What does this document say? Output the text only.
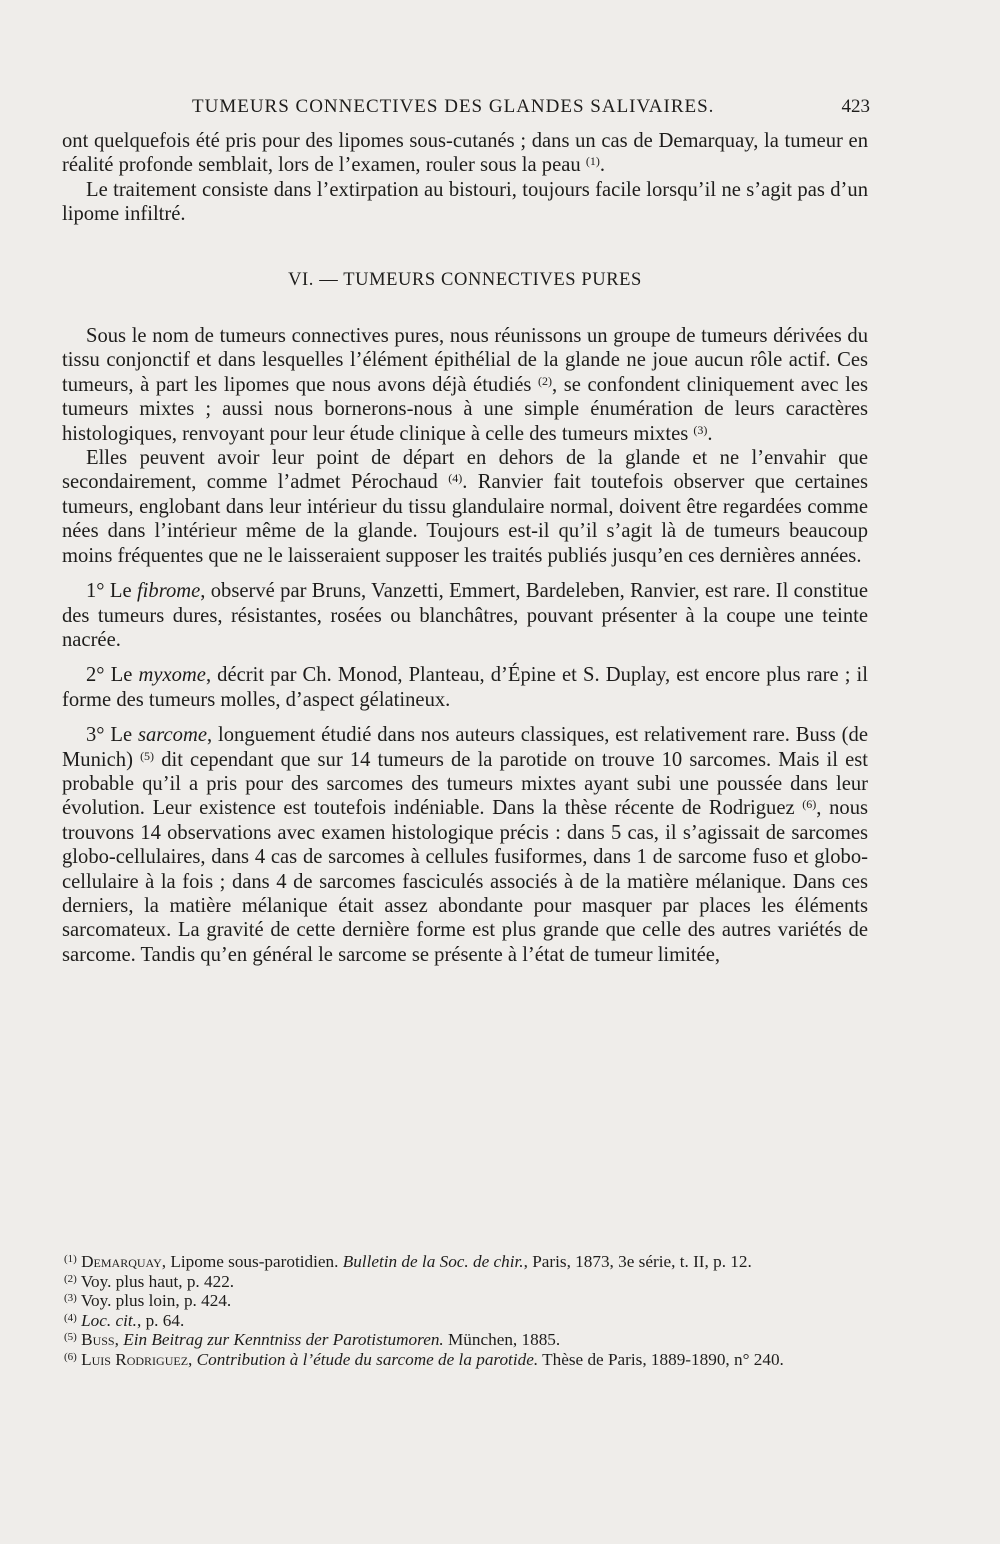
TUMEURS CONNECTIVES DES GLANDES SALIVAIRES.	423

ont quelquefois été pris pour des lipomes sous-cutanés ; dans un cas de Demarquay, la tumeur en réalité profonde semblait, lors de l’examen, rouler sous la peau $^{(1)}$.

Le traitement consiste dans l’extirpation au bistouri, toujours facile lorsqu’il ne s’agit pas d’un lipome infiltré.

VI. — TUMEURS CONNECTIVES PURES

Sous le nom de tumeurs connectives pures, nous réunissons un groupe de tumeurs dérivées du tissu conjonctif et dans lesquelles l’élément épithélial de la glande ne joue aucun rôle actif. Ces tumeurs, à part les lipomes que nous avons déjà étudiés $^{(2)}$, se confondent cliniquement avec les tumeurs mixtes ; aussi nous bornerons-nous à une simple énumération de leurs caractères histologiques, renvoyant pour leur étude clinique à celle des tumeurs mixtes $^{(3)}$.

Elles peuvent avoir leur point de départ en dehors de la glande et ne l’envahir que secondairement, comme l’admet Pérochaud $^{(4)}$. Ranvier fait toutefois observer que certaines tumeurs, englobant dans leur intérieur du tissu glandulaire normal, doivent être regardées comme nées dans l’intérieur même de la glande. Toujours est-il qu’il s’agit là de tumeurs beaucoup moins fréquentes que ne le laisseraient supposer les traités publiés jusqu’en ces dernières années.

1° Le fibrome, observé par Bruns, Vanzetti, Emmert, Bardeleben, Ranvier, est rare. Il constitue des tumeurs dures, résistantes, rosées ou blanchâtres, pouvant présenter à la coupe une teinte nacrée.

2° Le myxome, décrit par Ch. Monod, Planteau, d’Épine et S. Duplay, est encore plus rare ; il forme des tumeurs molles, d’aspect gélatineux.

3° Le sarcome, longuement étudié dans nos auteurs classiques, est relativement rare. Buss (de Munich) $^{(5)}$ dit cependant que sur 14 tumeurs de la parotide on trouve 10 sarcomes. Mais il est probable qu’il a pris pour des sarcomes des tumeurs mixtes ayant subi une poussée dans leur évolution. Leur existence est toutefois indéniable. Dans la thèse récente de Rodriguez $^{(6)}$, nous trouvons 14 observations avec examen histologique précis : dans 5 cas, il s’agissait de sarcomes globo-cellulaires, dans 4 cas de sarcomes à cellules fusiformes, dans 1 de sarcome fuso et globo-cellulaire à la fois ; dans 4 de sarcomes fasciculés associés à de la matière mélanique. Dans ces derniers, la matière mélanique était assez abondante pour masquer par places les éléments sarcomateux. La gravité de cette dernière forme est plus grande que celle des autres variétés de sarcome. Tandis qu’en général le sarcome se présente à l’état de tumeur limitée,

$^{(1)}$ Demarquay, Lipome sous-parotidien. Bulletin de la Soc. de chir., Paris, 1873, 3e série, t. II, p. 12.

$^{(2)}$ Voy. plus haut, p. 422.

$^{(3)}$ Voy. plus loin, p. 424.

$^{(4)}$ Loc. cit., p. 64.

$^{(5)}$ Buss, Ein Beitrag zur Kenntniss der Parotistumoren. München, 1885.

$^{(6)}$ Luis Rodriguez, Contribution à l’étude du sarcome de la parotide. Thèse de Paris, 1889-1890, n° 240.
